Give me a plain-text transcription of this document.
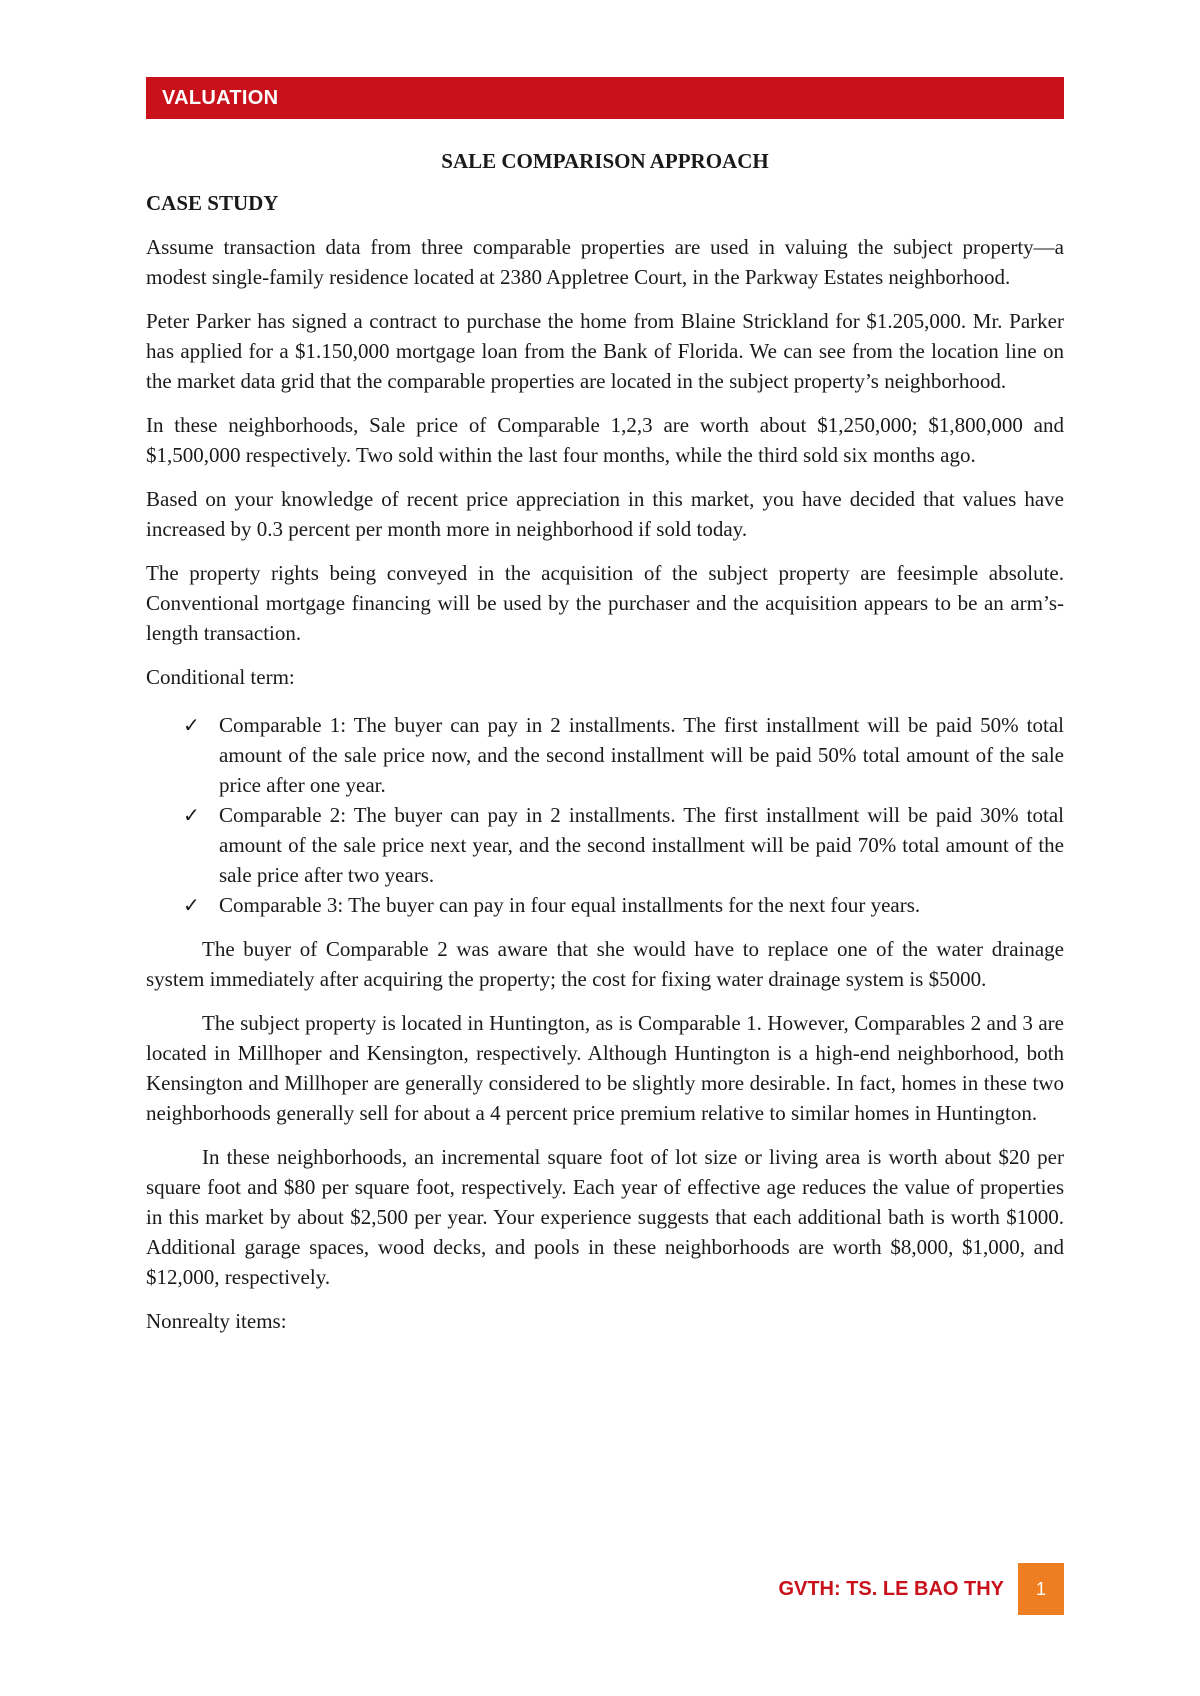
VALUATION
SALE COMPARISON APPROACH
CASE STUDY

Assume transaction data from three comparable properties are used in valuing the subject property—a modest single-family residence located at 2380 Appletree Court, in the Parkway Estates neighborhood.

Peter Parker has signed a contract to purchase the home from Blaine Strickland for $1.205,000. Mr. Parker has applied for a $1.150,000 mortgage loan from the Bank of Florida. We can see from the location line on the market data grid that the comparable properties are located in the subject property’s neighborhood.

In these neighborhoods, Sale price of Comparable 1,2,3 are worth about $1,250,000; $1,800,000 and $1,500,000 respectively. Two sold within the last four months, while the third sold six months ago.

Based on your knowledge of recent price appreciation in this market, you have decided that values have increased by 0.3 percent per month more in neighborhood if sold today.

The property rights being conveyed in the acquisition of the subject property are feesimple absolute. Conventional mortgage financing will be used by the purchaser and the acquisition appears to be an arm’s-length transaction.

Conditional term:

✓ Comparable 1: The buyer can pay in 2 installments. The first installment will be paid 50% total amount of the sale price now, and the second installment will be paid 50% total amount of the sale price after one year.
✓ Comparable 2: The buyer can pay in 2 installments. The first installment will be paid 30% total amount of the sale price next year, and the second installment will be paid 70% total amount of the sale price after two years.
✓ Comparable 3: The buyer can pay in four equal installments for the next four years.

The buyer of Comparable 2 was aware that she would have to replace one of the water drainage system immediately after acquiring the property; the cost for fixing water drainage system is $5000.

The subject property is located in Huntington, as is Comparable 1. However, Comparables 2 and 3 are located in Millhoper and Kensington, respectively. Although Huntington is a high-end neighborhood, both Kensington and Millhoper are generally considered to be slightly more desirable. In fact, homes in these two neighborhoods generally sell for about a 4 percent price premium relative to similar homes in Huntington.

In these neighborhoods, an incremental square foot of lot size or living area is worth about $20 per square foot and $80 per square foot, respectively. Each year of effective age reduces the value of properties in this market by about $2,500 per year. Your experience suggests that each additional bath is worth $1000. Additional garage spaces, wood decks, and pools in these neighborhoods are worth $8,000, $1,000, and $12,000, respectively.

Nonrealty items:

GVTH: TS. LE BAO THY	1
